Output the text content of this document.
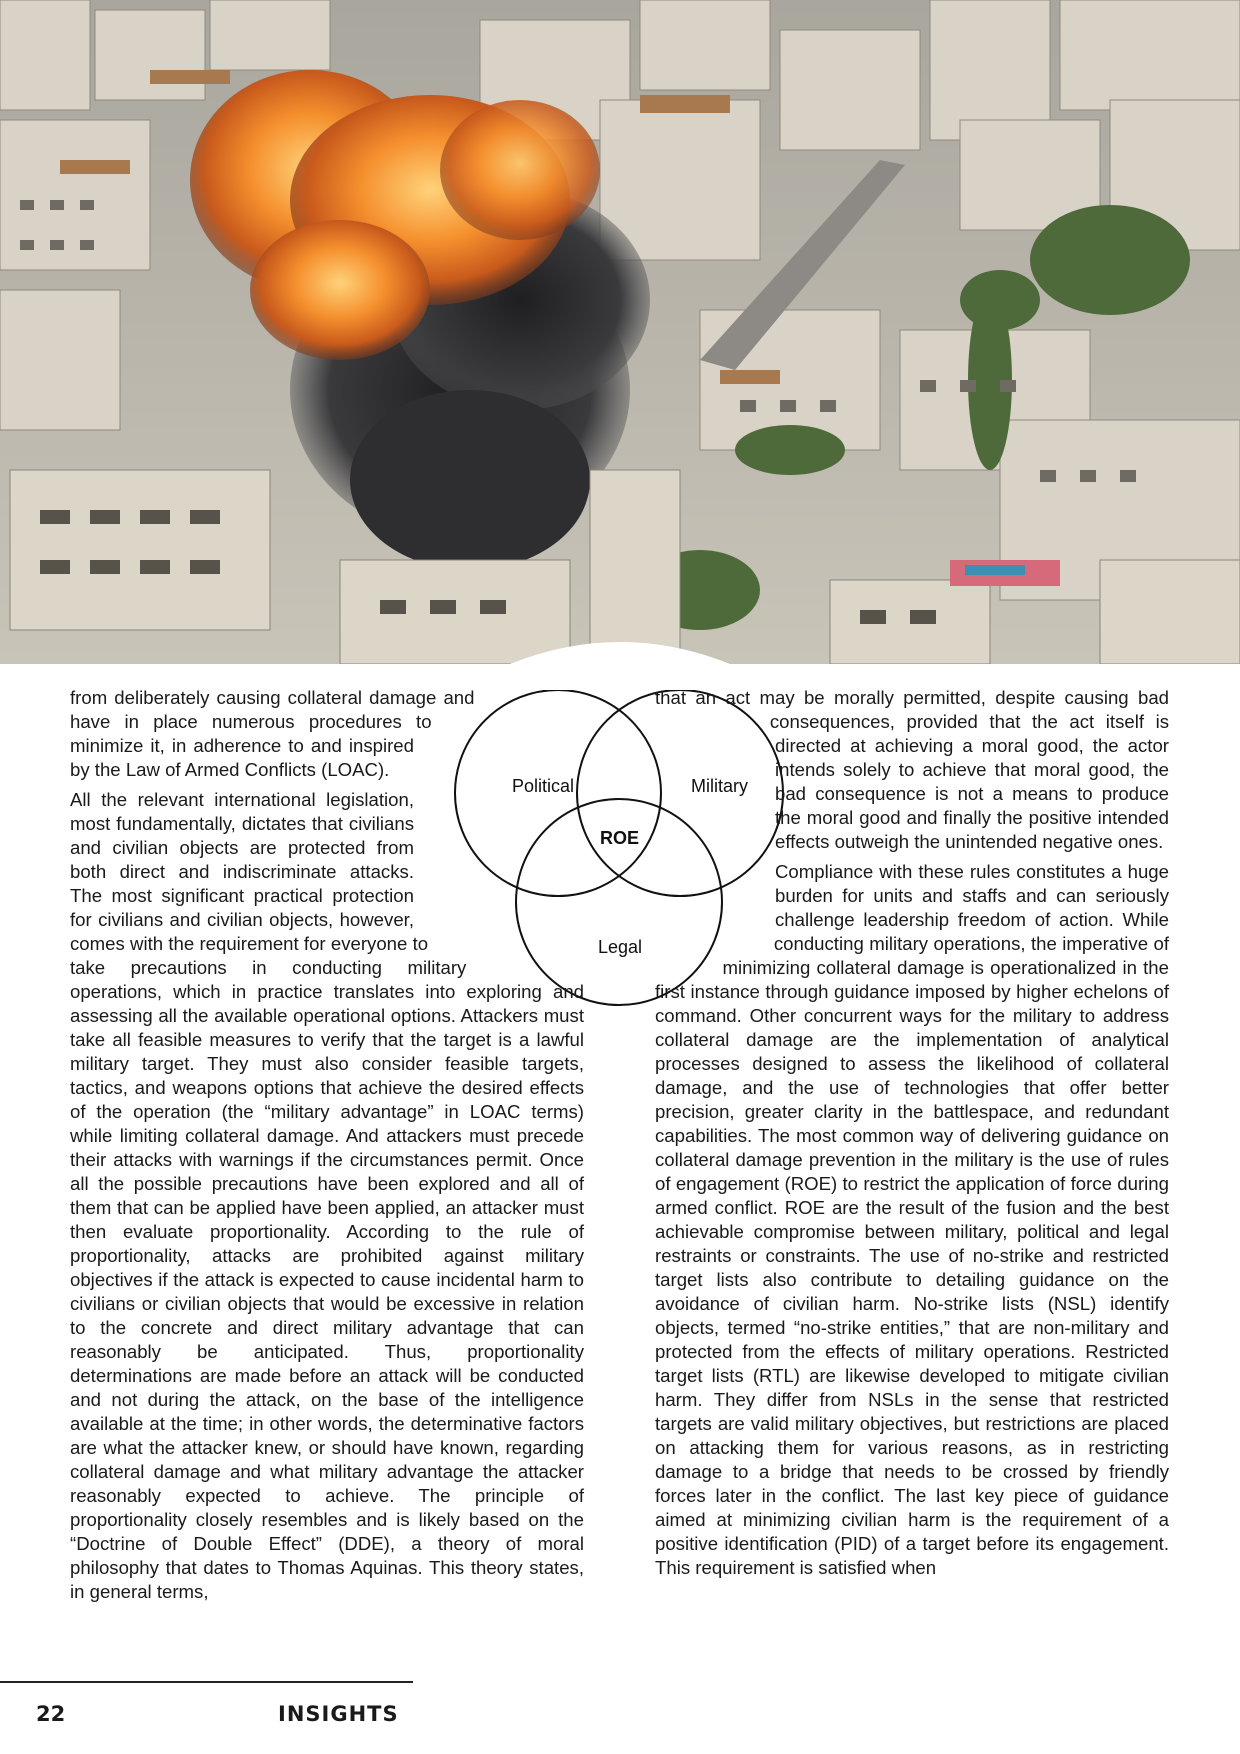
Political	Military
ROE
Legal

from deliberately causing collateral damage and have in place numerous procedures to minimize it, in adherence to and inspired by the Law of Armed Conflicts (LOAC).

All the relevant international legislation, most fundamentally, dictates that civilians and civilian objects are protected from both direct and indiscriminate attacks. The most significant practical protection for civilians and civilian objects, however, comes with the requirement for everyone to take precautions in conducting military operations, which in practice translates into exploring and assessing all the available operational options. Attackers must take all feasible measures to verify that the target is a lawful military target. They must also consider feasible targets, tactics, and weapons options that achieve the desired effects of the operation (the “military advantage” in LOAC terms) while limiting collateral damage. And attackers must precede their attacks with warnings if the circumstances permit. Once all the possible precautions have been explored and all of them that can be applied have been applied, an attacker must then evaluate proportionality. According to the rule of proportionality, attacks are prohibited against military objectives if the attack is expected to cause incidental harm to civilians or civilian objects that would be excessive in relation to the concrete and direct military advantage that can reasonably be anticipated. Thus, proportionality determinations are made before an attack will be conducted and not during the attack, on the base of the intelligence available at the time; in other words, the determinative factors are what the attacker knew, or should have known, regarding collateral damage and what military advantage the attacker reasonably expected to achieve. The principle of proportionality closely resembles and is likely based on the “Doctrine of Double Effect” (DDE), a theory of moral philosophy that dates to Thomas Aquinas. This theory states, in general terms,

that an act may be morally permitted, despite causing bad consequences, provided that the act itself is directed at achieving a moral good, the actor intends solely to achieve that moral good, the bad consequence is not a means to produce the moral good and finally the positive intended effects outweigh the unintended negative ones.

Compliance with these rules constitutes a huge burden for units and staffs and can seriously challenge leadership freedom of action. While conducting military operations, the imperative of minimizing collateral damage is operationalized in the first instance through guidance imposed by higher echelons of command. Other concurrent ways for the military to address collateral damage are the implementation of analytical processes designed to assess the likelihood of collateral damage, and the use of technologies that offer better precision, greater clarity in the battlespace, and redundant capabilities. The most common way of delivering guidance on collateral damage prevention in the military is the use of rules of engagement (ROE) to restrict the application of force during armed conflict. ROE are the result of the fusion and the best achievable compromise between military, political and legal restraints or constraints. The use of no-strike and restricted target lists also contribute to detailing guidance on the avoidance of civilian harm. No-strike lists (NSL) identify objects, termed “no-strike entities,” that are non-military and protected from the effects of military operations. Restricted target lists (RTL) are likewise developed to mitigate civilian harm. They differ from NSLs in the sense that restricted targets are valid military objectives, but restrictions are placed on attacking them for various reasons, as in restricting damage to a bridge that needs to be crossed by friendly forces later in the conflict. The last key piece of guidance aimed at minimizing civilian harm is the requirement of a positive identification (PID) of a target before its engagement. This requirement is satisfied when

22	INSIGHTS
